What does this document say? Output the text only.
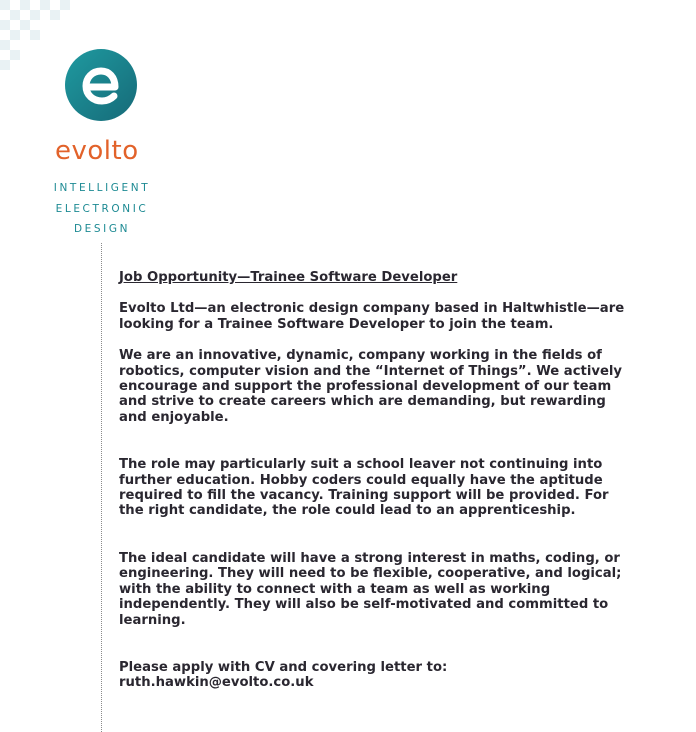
evolto
INTELLIGENT
ELECTRONIC
DESIGN

Job Opportunity—Trainee Software Developer

Evolto Ltd—an electronic design company based in Haltwhistle—are looking for a Trainee Software Developer to join the team.

We are an innovative, dynamic, company working in the fields of robotics, computer vision and the “Internet of Things”. We actively encourage and support the professional development of our team and strive to create careers which are demanding, but rewarding and enjoyable.

The role may particularly suit a school leaver not continuing into further education. Hobby coders could equally have the aptitude required to fill the vacancy. Training support will be provided. For the right candidate, the role could lead to an apprenticeship.

The ideal candidate will have a strong interest in maths, coding, or engineering. They will need to be flexible, cooperative, and logical; with the ability to connect with a team as well as working independently. They will also be self-motivated and committed to learning.

Please apply with CV and covering letter to:
ruth.hawkin@evolto.co.uk
